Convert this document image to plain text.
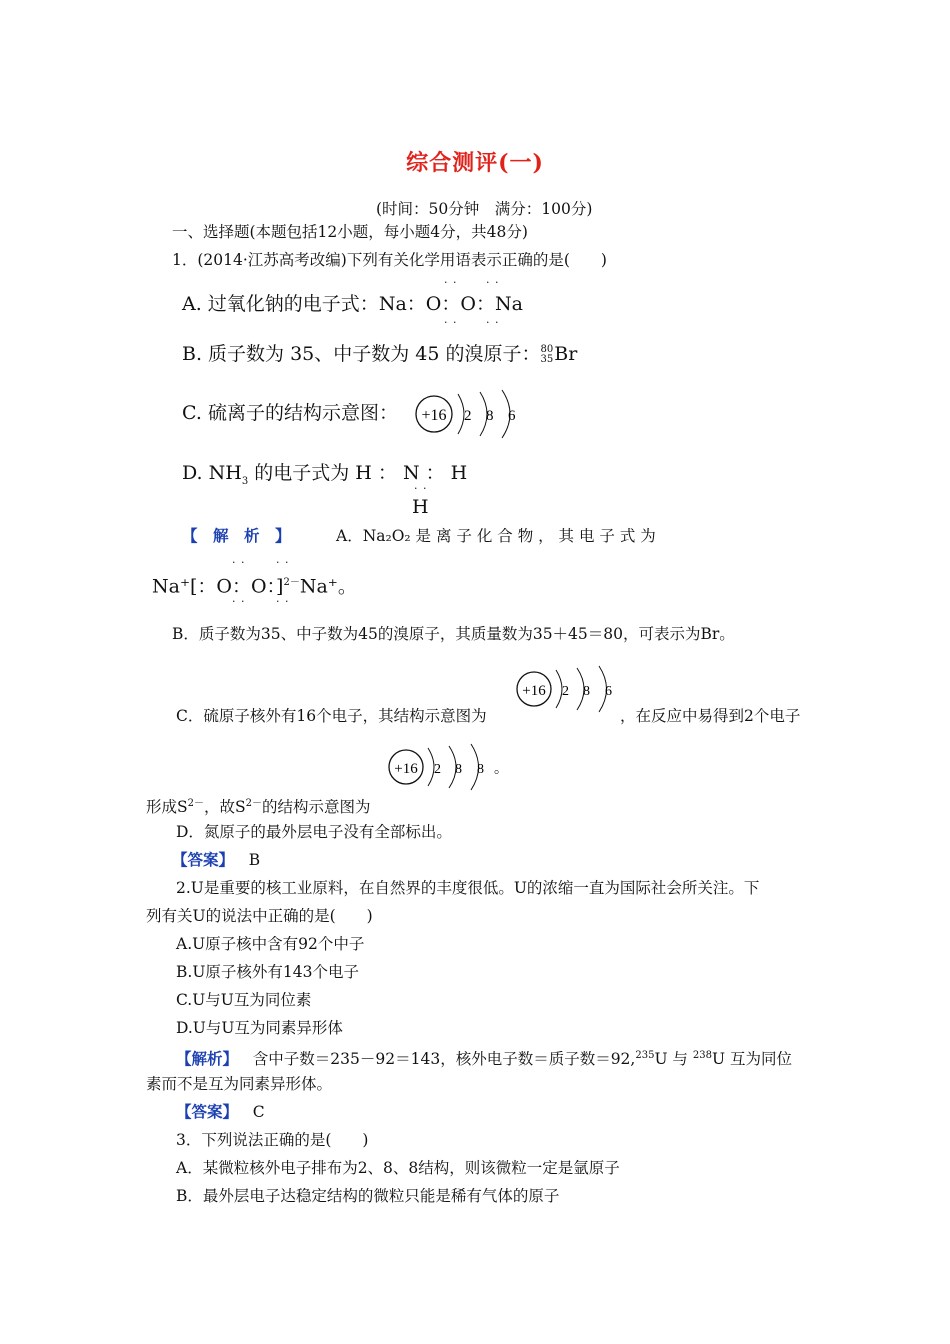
综合测评(一)
(时间：50分钟　满分：100分)
一、选择题(本题包括12小题，每小题4分，共48分)
1．(2014·江苏高考改编)下列有关化学用语表示正确的是(　　)
A. 过氧化钠的电子式：Na：O：O：Na
· ·	· ·
· ·	· ·
B. 质子数为 35、中子数为 45 的溴原子：80
35Br
C. 硫离子的结构示意图： +16 2 8 6
D. $NH_3$ 的电子式为 H ： N ： H
· ·
H
【　解　析　】	A．Na₂O₂ 是 离 子 化 合 物 ， 其 电 子 式 为
· ·	· ·
Na⁺[：O：O：]$^{2-}$Na⁺。
· ·	· ·
B．质子数为35、中子数为45的溴原子，其质量数为35＋45＝80，可表示为Br。
+16 2 8 6
C．硫原子核外有16个电子，其结构示意图为	，在反应中易得到2个电子
+16 2 8 8 。
形成$S^{2-}$，故$S^{2-}$的结构示意图为
D．氮原子的最外层电子没有全部标出。
【答案】 B
2.U是重要的核工业原料，在自然界的丰度很低。U的浓缩一直为国际社会所关注。下
列有关U的说法中正确的是(　　)
A.U原子核中含有92个中子
B.U原子核外有143个电子
C.U与U互为同位素
D.U与U互为同素异形体
【解析】 含中子数＝235－92＝143，核外电子数＝质子数＝92,$^{235}$U 与 $^{238}$U 互为同位
素而不是互为同素异形体。
【答案】 C
3．下列说法正确的是(　　)
A．某微粒核外电子排布为2、8、8结构，则该微粒一定是氩原子
B．最外层电子达稳定结构的微粒只能是稀有气体的原子
